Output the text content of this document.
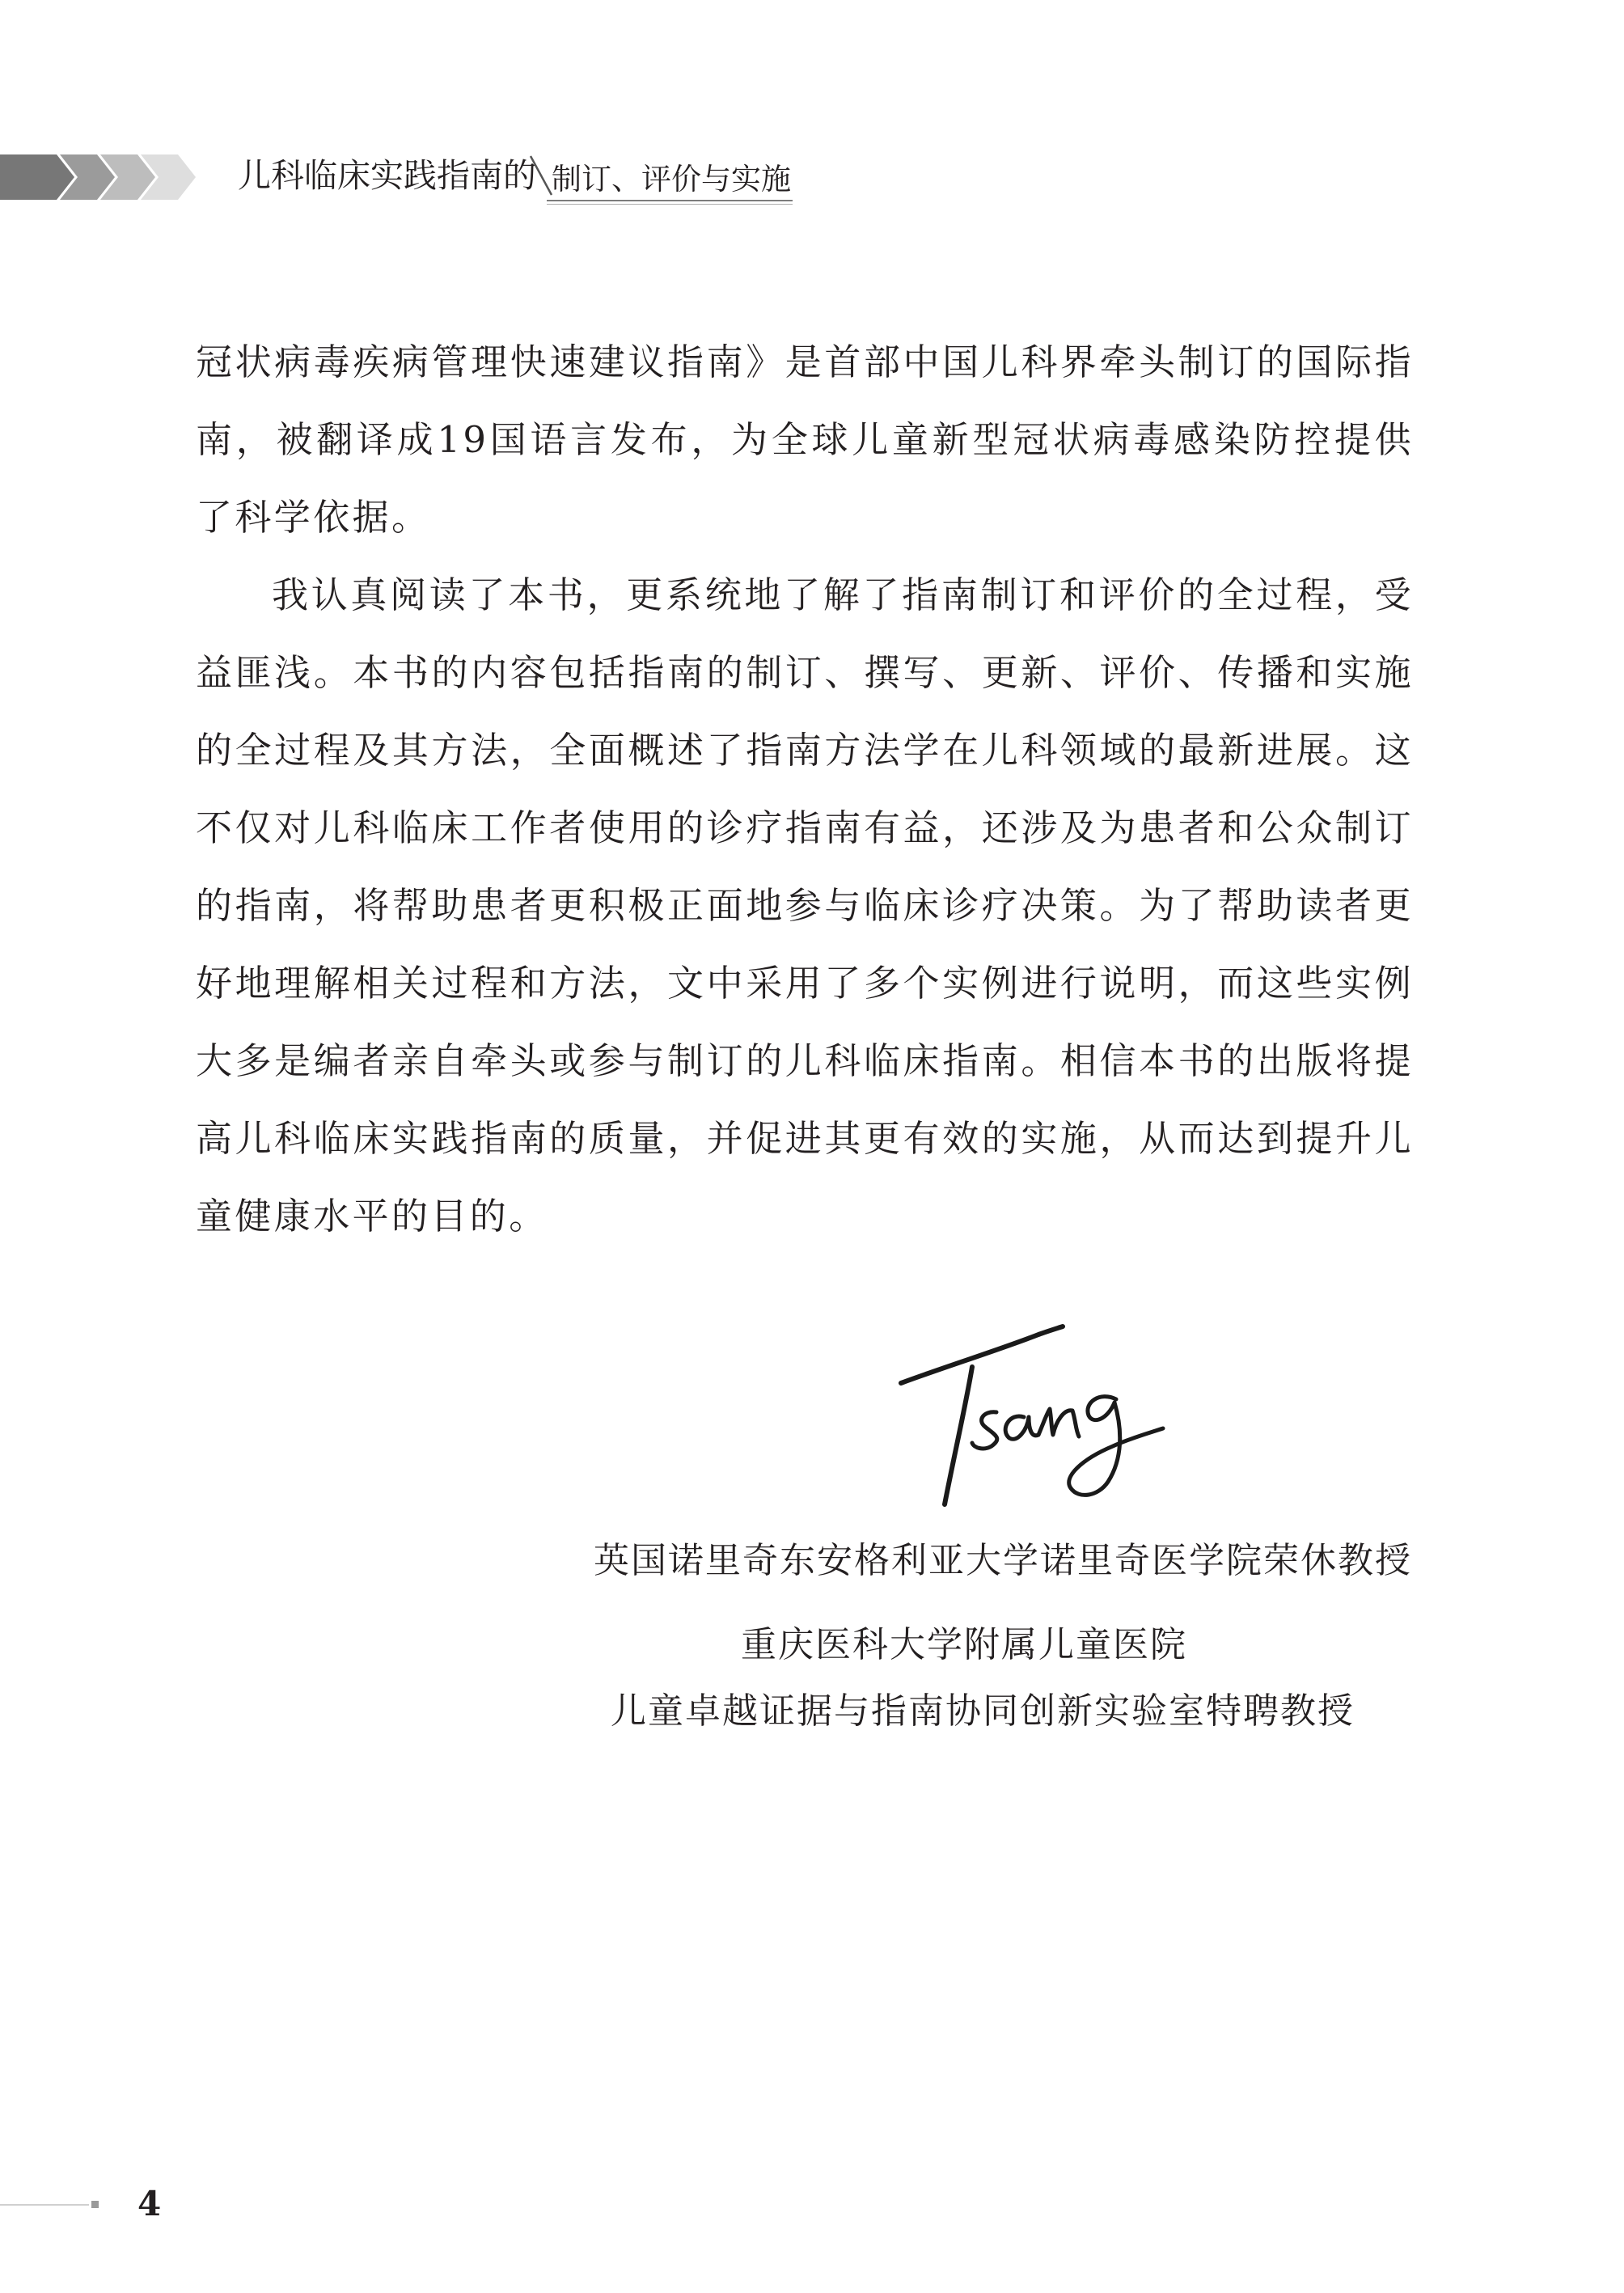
儿科临床实践指南的 制订、评价与实施

冠状病毒疾病管理快速建议指南》是首部中国儿科界牵头制订的国际指南，被翻译成19国语言发布，为全球儿童新型冠状病毒感染防控提供了科学依据。

我认真阅读了本书，更系统地了解了指南制订和评价的全过程，受益匪浅。本书的内容包括指南的制订、撰写、更新、评价、传播和实施的全过程及其方法，全面概述了指南方法学在儿科领域的最新进展。这不仅对儿科临床工作者使用的诊疗指南有益，还涉及为患者和公众制订的指南，将帮助患者更积极正面地参与临床诊疗决策。为了帮助读者更好地理解相关过程和方法，文中采用了多个实例进行说明，而这些实例大多是编者亲自牵头或参与制订的儿科临床指南。相信本书的出版将提高儿科临床实践指南的质量，并促进其更有效的实施，从而达到提升儿童健康水平的目的。

英国诺里奇东安格利亚大学诺里奇医学院荣休教授
重庆医科大学附属儿童医院
儿童卓越证据与指南协同创新实验室特聘教授
4
